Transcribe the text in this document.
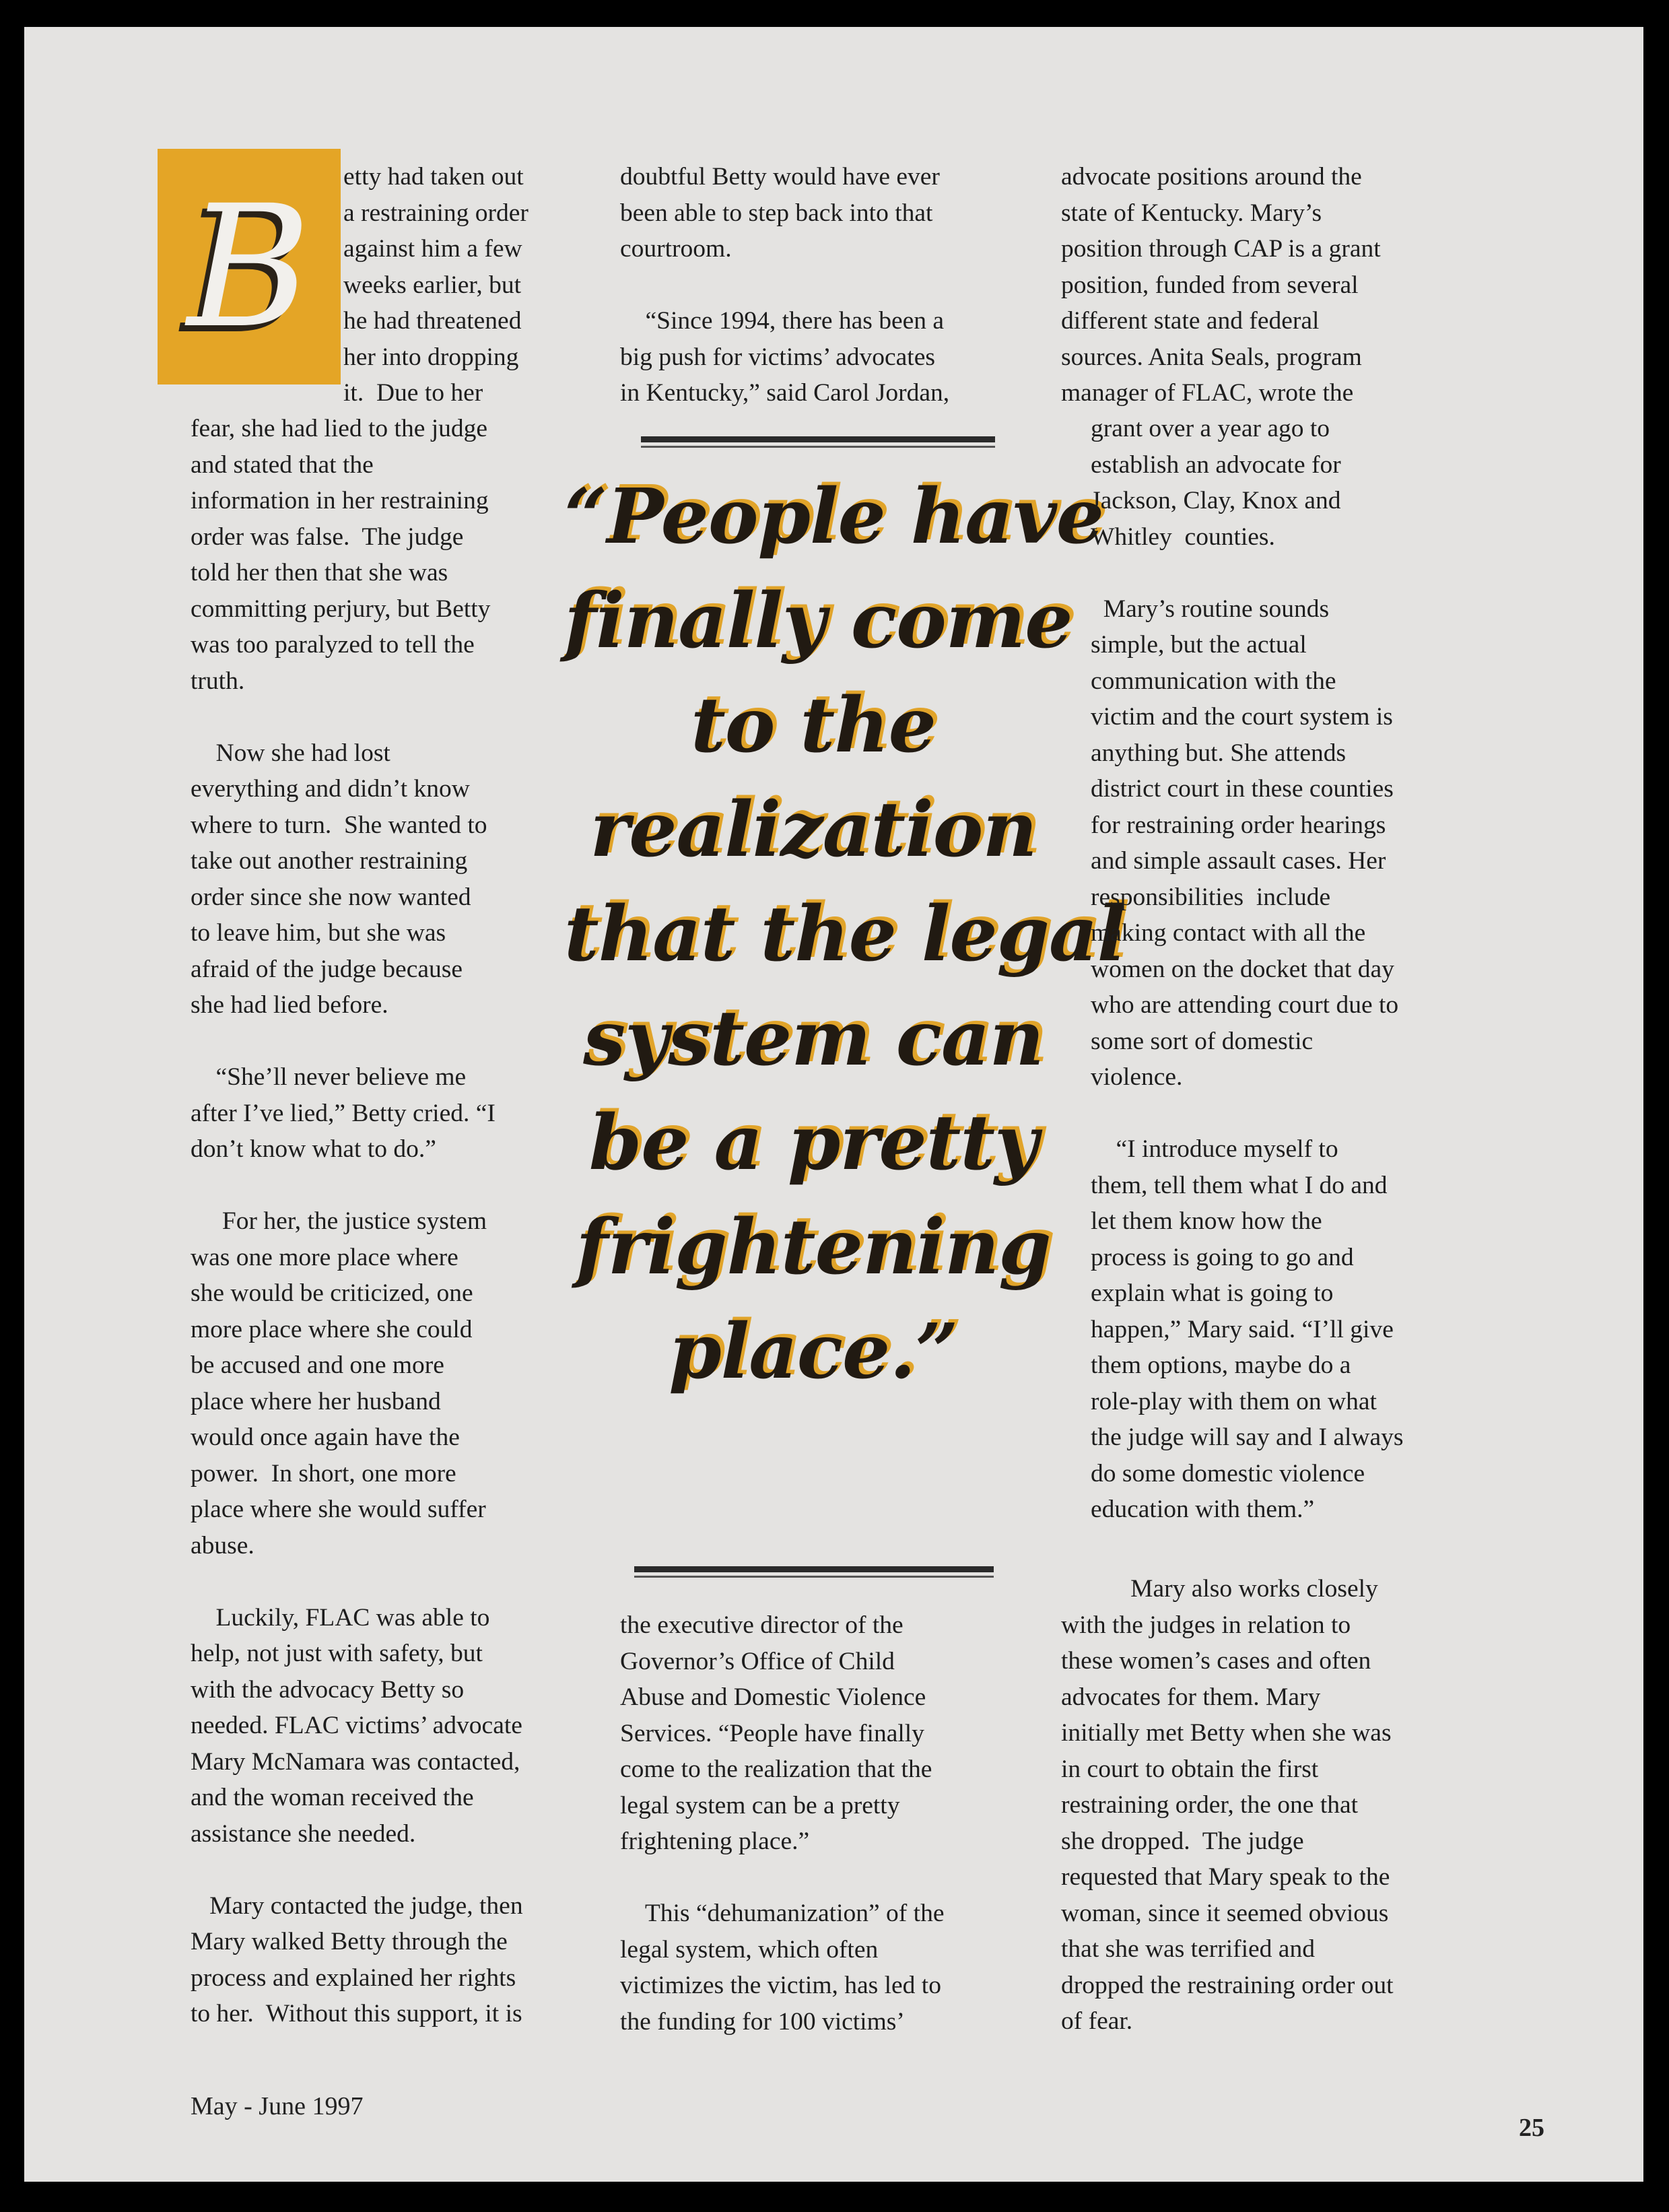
B	etty had taken out

a restraining order

against him a few

weeks earlier, but

he had threatened

her into dropping

it.  Due to her

fear, she had lied to the judge

and stated that the

information in her restraining

order was false.  The judge

told her then that she was

committing perjury, but Betty

was too paralyzed to tell the

truth.

Now she had lost

everything and didn’t know

where to turn.  She wanted to

take out another restraining

order since she now wanted

to leave him, but she was

afraid of the judge because

she had lied before.

“She’ll never believe me

after I’ve lied,” Betty cried. “I

don’t know what to do.”

For her, the justice system

was one more place where

she would be criticized, one

more place where she could

be accused and one more

place where her husband

would once again have the

power.  In short, one more

place where she would suffer

abuse.

Luckily, FLAC was able to

help, not just with safety, but

with the advocacy Betty so

needed. FLAC victims’ advocate

Mary McNamara was contacted,

and the woman received the

assistance she needed.

Mary contacted the judge, then

Mary walked Betty through the

process and explained her rights

to her.  Without this support, it is

doubtful Betty would have ever

been able to step back into that

courtroom.

“Since 1994, there has been a

big push for victims’ advocates

in Kentucky,” said Carol Jordan,

“People have

finally come

to the

realization

that the legal

system can

be a pretty

frightening

place.”

the executive director of the

Governor’s Office of Child

Abuse and Domestic Violence

Services. “People have finally

come to the realization that the

legal system can be a pretty

frightening place.”

This “dehumanization” of the

legal system, which often

victimizes the victim, has led to

the funding for 100 victims’

advocate positions around the

state of Kentucky. Mary’s

position through CAP is a grant

position, funded from several

different state and federal

sources. Anita Seals, program

manager of FLAC, wrote the

grant over a year ago to

establish an advocate for

Jackson, Clay, Knox and

Whitley  counties.

Mary’s routine sounds

simple, but the actual

communication with the

victim and the court system is

anything but. She attends

district court in these counties

for restraining order hearings

and simple assault cases. Her

responsibilities  include

making contact with all the

women on the docket that day

who are attending court due to

some sort of domestic

violence.

“I introduce myself to

them, tell them what I do and

let them know how the

process is going to go and

explain what is going to

happen,” Mary said. “I’ll give

them options, maybe do a

role-play with them on what

the judge will say and I always

do some domestic violence

education with them.”

Mary also works closely

with the judges in relation to

these women’s cases and often

advocates for them. Mary

initially met Betty when she was

in court to obtain the first

restraining order, the one that

she dropped.  The judge

requested that Mary speak to the

woman, since it seemed obvious

that she was terrified and

dropped the restraining order out

of fear.

May - June 1997
25
